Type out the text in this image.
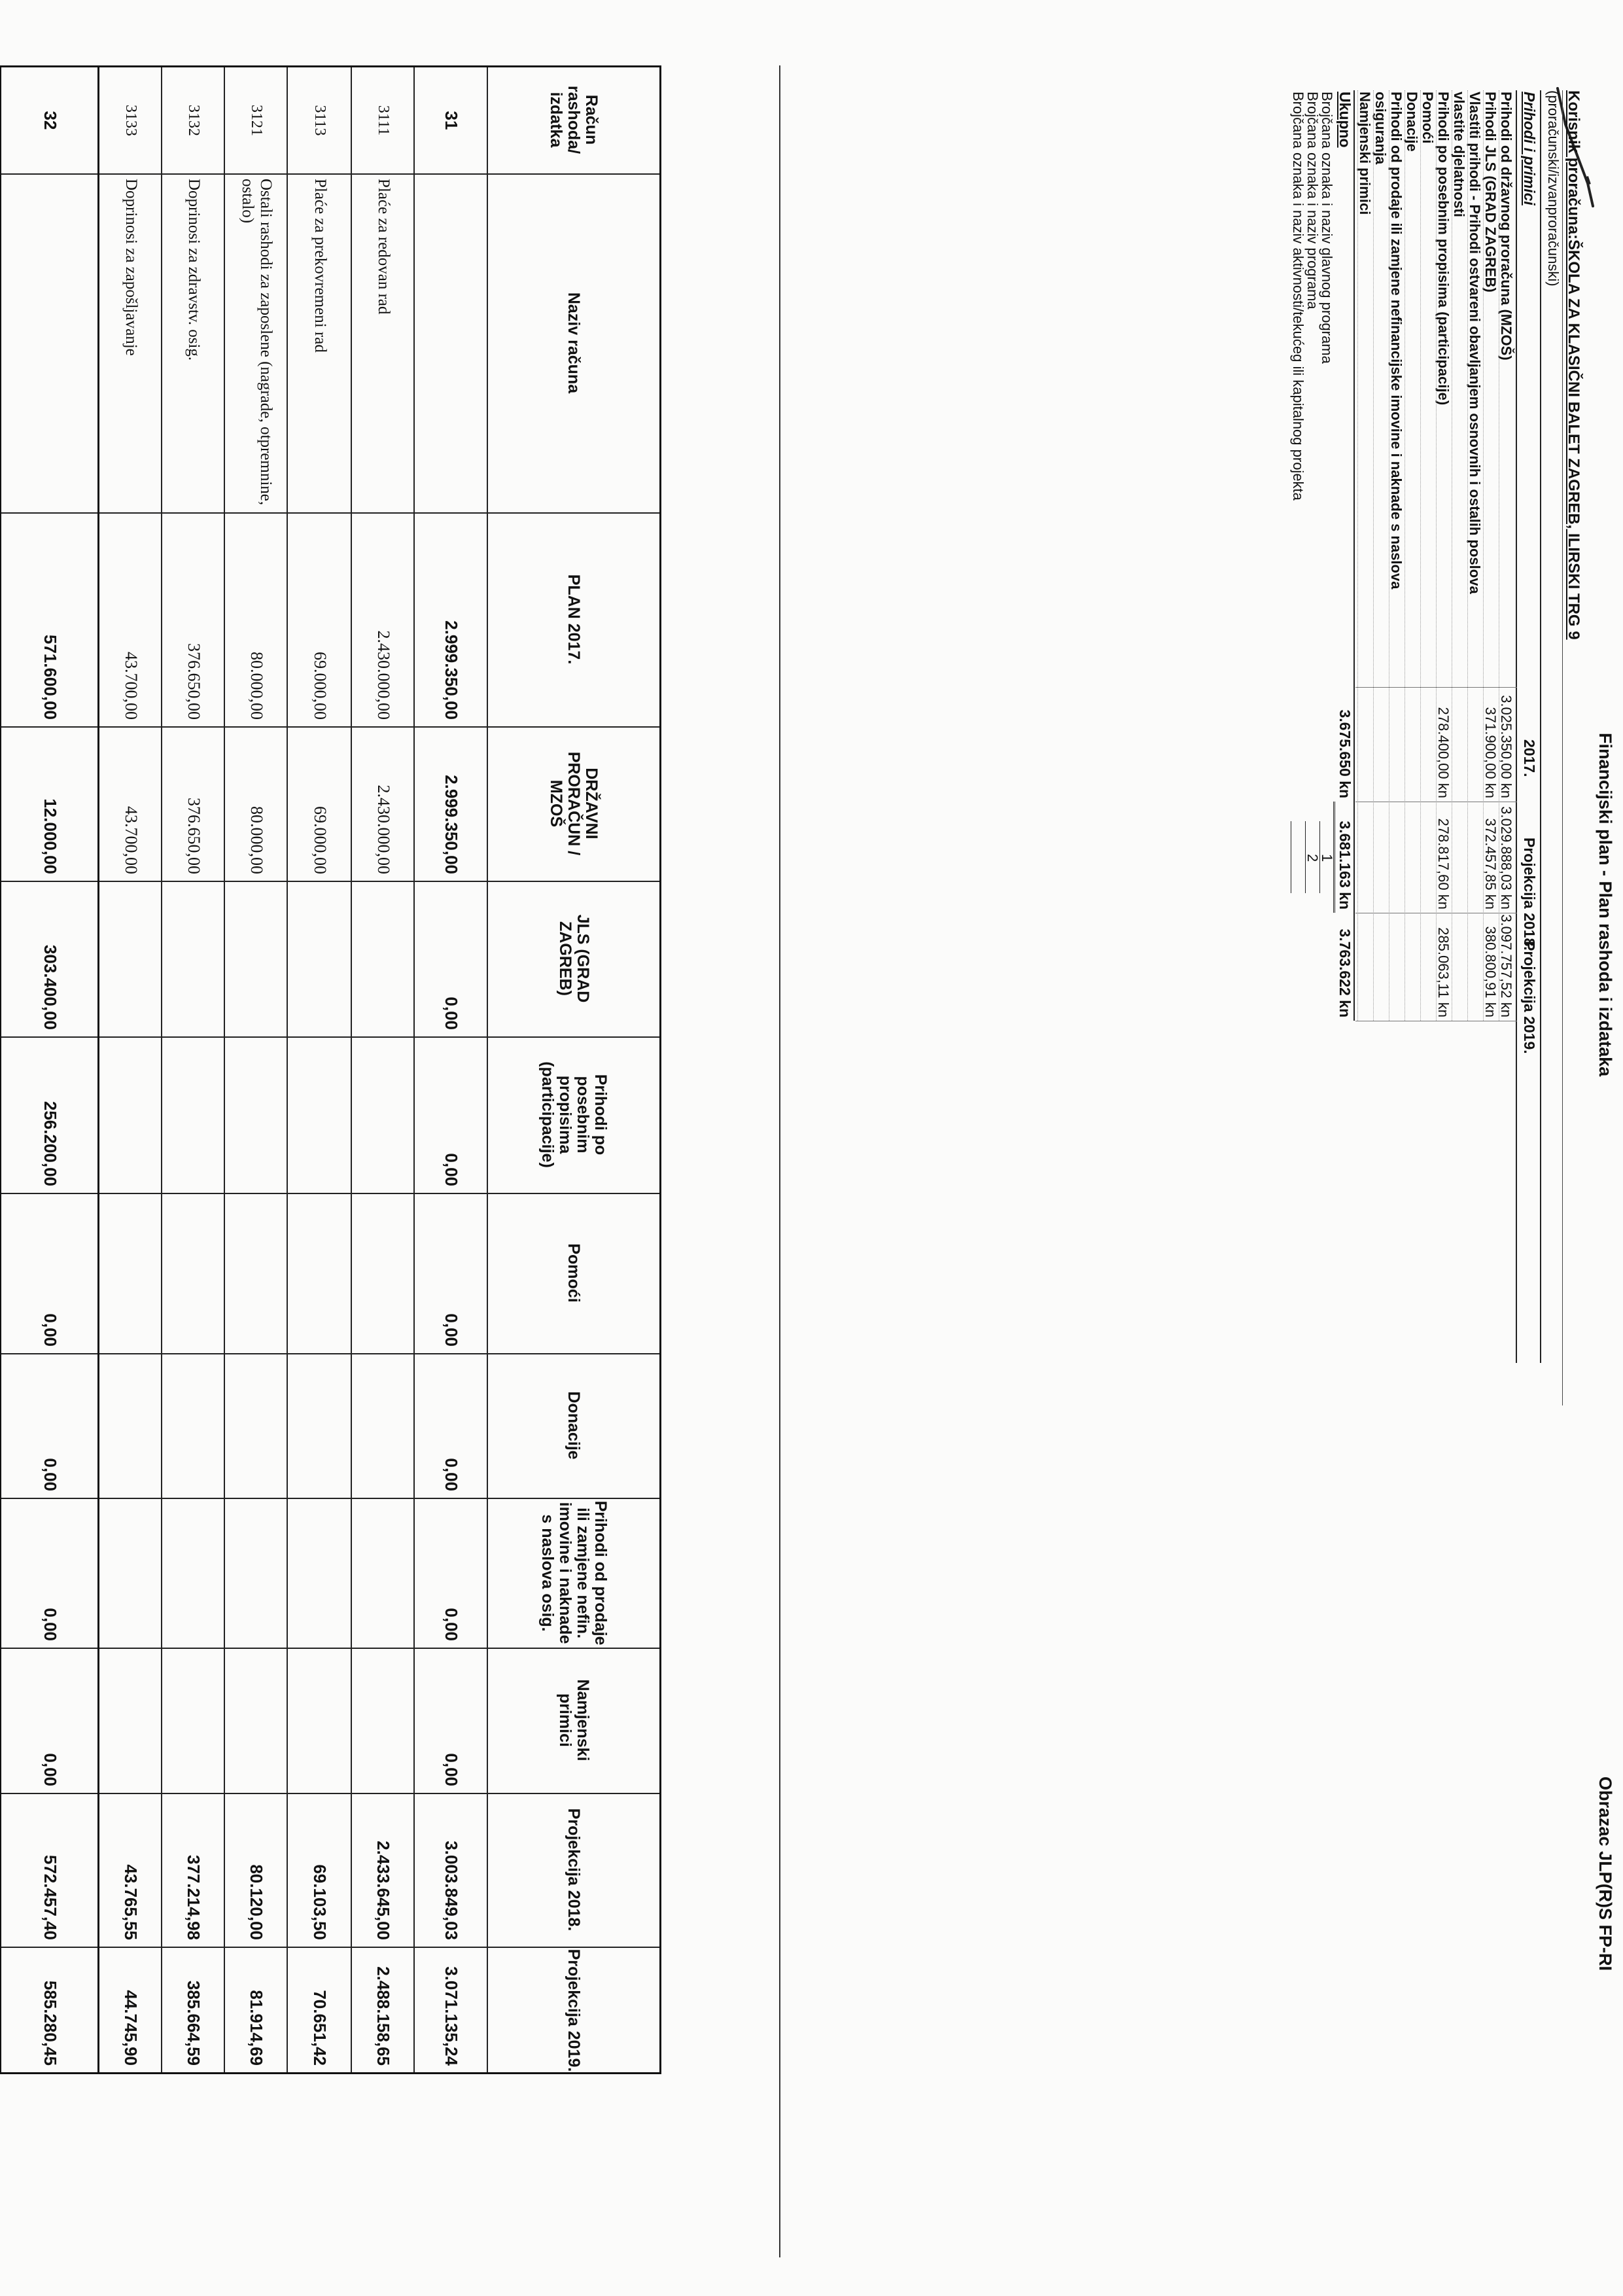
Financijski plan - Plan rashoda i izdataka
Obrazac JLP(R)S FP-RI
Korisnik proračuna:ŠKOLA ZA KLASIČNI BALET ZAGREB, ILIRSKI TRG 9
(proračunski/izvanproračunski)
Prihodi i primici
2017.
Projekcija 2018.
Projekcija 2019.
Prihodi od državnog proračuna (MZOŠ)
3.025.350,00 kn
3.029.888,03 kn
3.097.757,52 kn
Prihodi JLS (GRAD ZAGREB)
371.900,00 kn
372.457,85 kn
380.800,91 kn
Vlastiti prihodi - Prihodi ostvareni obavljanjem osnovnih i ostalih poslova
vlastite djelatnosti
Prihodi po posebnim propisima (participacije)
278.400,00 kn
278.817,60 kn
285.063,11 kn
Pomoći
Donacije
Prihodi od prodaje ili zamjene nefinancijske imovine i naknade s naslova
osiguranja
Namjenski primici
Ukupno
3.675.650 kn
3.681.163 kn
3.763.622 kn
Brojčana oznaka i naziv glavnog programa
Brojčana oznaka i naziv programa
Brojčana oznaka i naziv aktivnosti/tekućeg ili kapitalnog projekta
1
2
Račun rashoda/ izdatka
Naziv računa
PLAN 2017.
DRŽAVNI PRORAČUN / MZOŠ
JLS (GRAD ZAGREB)
Prihodi po posebnim propisima (participacije)
Pomoći
Donacije
Prihodi od prodaje ili zamjene nefin. imovine i naknade s naslova osig.
Namjenski primici
Projekcija 2018.
Projekcija 2019.
31
2.999.350,00
2.999.350,00
0,00
0,00
0,00
0,00
0,00
0,00
3.003.849,03
3.071.135,24
3111
Plaće za redovan rad
2.430.000,00
2.430.000,00
2.433.645,00
2.488.158,65
3113
Plaće za prekovremeni rad
69.000,00
69.000,00
69.103,50
70.651,42
3121
Ostali rashodi za zaposlene (nagrade, otpremnine, ostalo)
80.000,00
80.000,00
80.120,00
81.914,69
3132
Doprinosi za zdravstv. osig.
376.650,00
376.650,00
377.214,98
385.664,59
3133
Doprinosi za zapošljavanje
43.700,00
43.700,00
43.765,55
44.745,90
32
571.600,00
12.000,00
303.400,00
256.200,00
0,00
0,00
0,00
0,00
572.457,40
585.280,45
